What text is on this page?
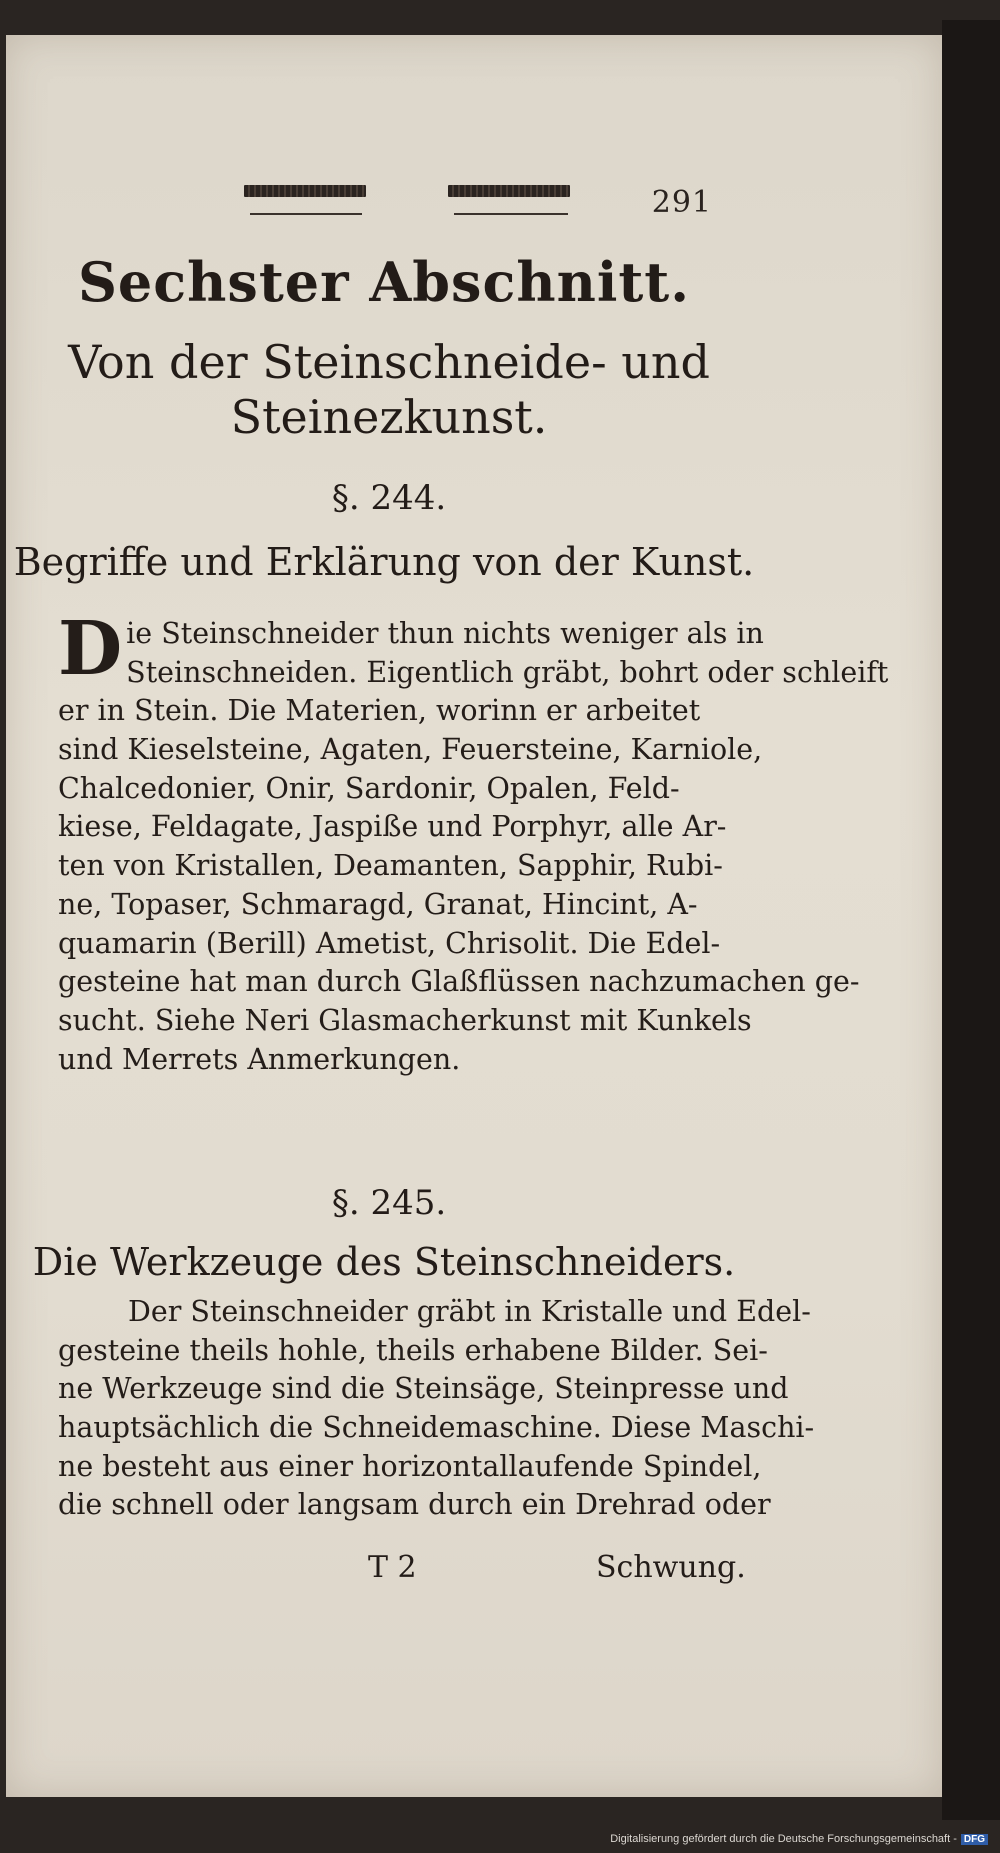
291
Sechster Abschnitt.
Von der Steinschneide- und
Steinezkunst.
§. 244.
Begriffe und Erklärung von der Kunst.
D ie Steinschneider thun nichts weniger als in
Steinschneiden. Eigentlich gräbt, bohrt oder schleift
er in Stein. Die Materien, worinn er arbeitet
sind Kieselsteine, Agaten, Feuersteine, Karniole,
Chalcedonier, Onir, Sardonir, Opalen, Feld-
kiese, Feldagate, Jaspiße und Porphyr, alle Ar-
ten von Kristallen, Deamanten, Sapphir, Rubi-
ne, Topaser, Schmaragd, Granat, Hincint, A-
quamarin (Berill) Ametist, Chrisolit. Die Edel-
gesteine hat man durch Glaßflüssen nachzumachen ge-
sucht. Siehe Neri Glasmacherkunst mit Kunkels
und Merrets Anmerkungen.
§. 245.
Die Werkzeuge des Steinschneiders.
Der Steinschneider gräbt in Kristalle und Edel-
gesteine theils hohle, theils erhabene Bilder. Sei-
ne Werkzeuge sind die Steinsäge, Steinpresse und
hauptsächlich die Schneidemaschine. Diese Maschi-
ne besteht aus einer horizontallaufende Spindel,
die schnell oder langsam durch ein Drehrad oder
T 2	Schwung.
Digitalisierung gefördert durch die Deutsche Forschungsgemeinschaft - DFG
